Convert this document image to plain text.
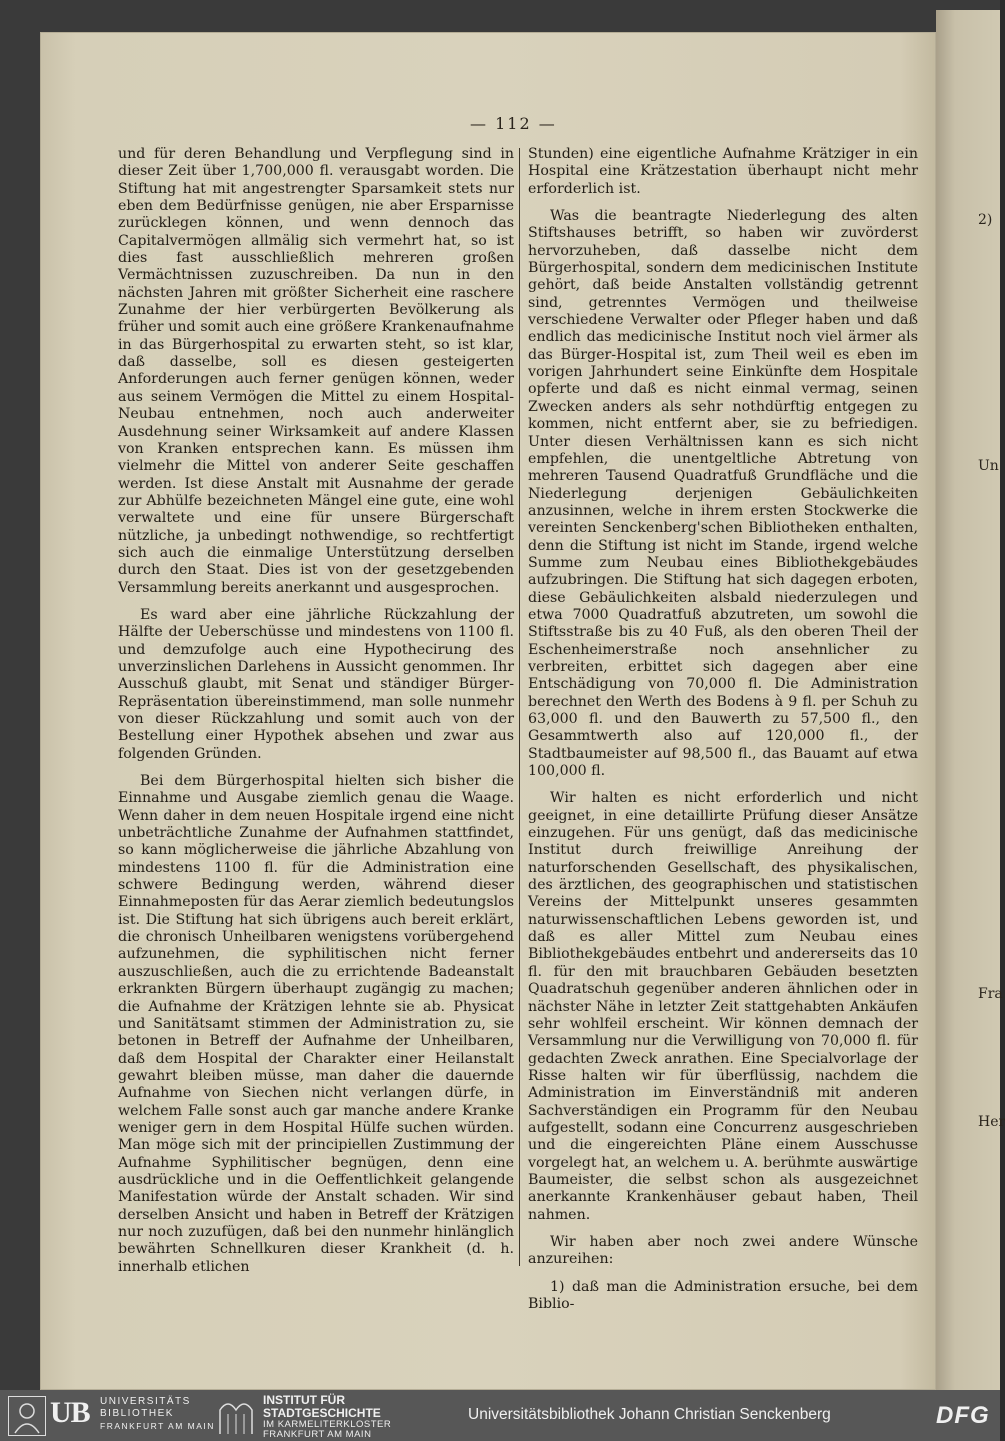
2)
Un
Fra
Her
— 112 —

und für deren Behandlung und Verpflegung sind in dieser Zeit über 1,700,000 fl. verausgabt worden. Die Stiftung hat mit angestrengter Sparsamkeit stets nur eben dem Bedürfnisse genügen, nie aber Ersparnisse zurücklegen können, und wenn dennoch das Capitalvermögen allmälig sich vermehrt hat, so ist dies fast ausschließlich mehreren großen Vermächtnissen zuzuschreiben. Da nun in den nächsten Jahren mit größter Sicherheit eine raschere Zunahme der hier verbürgerten Bevölkerung als früher und somit auch eine größere Krankenaufnahme in das Bürgerhospital zu erwarten steht, so ist klar, daß dasselbe, soll es diesen gesteigerten Anforderungen auch ferner genügen können, weder aus seinem Vermögen die Mittel zu einem Hospital-Neubau entnehmen, noch auch anderweiter Ausdehnung seiner Wirksamkeit auf andere Klassen von Kranken entsprechen kann. Es müssen ihm vielmehr die Mittel von anderer Seite geschaffen werden. Ist diese Anstalt mit Ausnahme der gerade zur Abhülfe bezeichneten Mängel eine gute, eine wohl verwaltete und eine für unsere Bürgerschaft nützliche, ja unbedingt nothwendige, so rechtfertigt sich auch die einmalige Unterstützung derselben durch den Staat. Dies ist von der gesetzgebenden Versammlung bereits anerkannt und ausgesprochen.

Es ward aber eine jährliche Rückzahlung der Hälfte der Ueberschüsse und mindestens von 1100 fl. und demzufolge auch eine Hypothecirung des unverzinslichen Darlehens in Aussicht genommen. Ihr Ausschuß glaubt, mit Senat und ständiger Bürger-Repräsentation übereinstimmend, man solle nunmehr von dieser Rückzahlung und somit auch von der Bestellung einer Hypothek absehen und zwar aus folgenden Gründen.

Bei dem Bürgerhospital hielten sich bisher die Einnahme und Ausgabe ziemlich genau die Waage. Wenn daher in dem neuen Hospitale irgend eine nicht unbeträchtliche Zunahme der Aufnahmen stattfindet, so kann möglicherweise die jährliche Abzahlung von mindestens 1100 fl. für die Administration eine schwere Bedingung werden, während dieser Einnahmeposten für das Aerar ziemlich bedeutungslos ist. Die Stiftung hat sich übrigens auch bereit erklärt, die chronisch Unheilbaren wenigstens vorübergehend aufzunehmen, die syphilitischen nicht ferner auszuschließen, auch die zu errichtende Badeanstalt erkrankten Bürgern überhaupt zugängig zu machen; die Aufnahme der Krätzigen lehnte sie ab. Physicat und Sanitätsamt stimmen der Administration zu, sie betonen in Betreff der Aufnahme der Unheilbaren, daß dem Hospital der Charakter einer Heilanstalt gewahrt bleiben müsse, man daher die dauernde Aufnahme von Siechen nicht verlangen dürfe, in welchem Falle sonst auch gar manche andere Kranke weniger gern in dem Hospital Hülfe suchen würden. Man möge sich mit der principiellen Zustimmung der Aufnahme Syphilitischer begnügen, denn eine ausdrückliche und in die Oeffentlichkeit gelangende Manifestation würde der Anstalt schaden. Wir sind derselben Ansicht und haben in Betreff der Krätzigen nur noch zuzufügen, daß bei den nunmehr hinlänglich bewährten Schnellkuren dieser Krankheit (d. h. innerhalb etlichen

Stunden) eine eigentliche Aufnahme Krätziger in ein Hospital eine Krätzestation überhaupt nicht mehr erforderlich ist.

Was die beantragte Niederlegung des alten Stiftshauses betrifft, so haben wir zuvörderst hervorzuheben, daß dasselbe nicht dem Bürgerhospital, sondern dem medicinischen Institute gehört, daß beide Anstalten vollständig getrennt sind, getrenntes Vermögen und theilweise verschiedene Verwalter oder Pfleger haben und daß endlich das medicinische Institut noch viel ärmer als das Bürger-Hospital ist, zum Theil weil es eben im vorigen Jahrhundert seine Einkünfte dem Hospitale opferte und daß es nicht einmal vermag, seinen Zwecken anders als sehr nothdürftig entgegen zu kommen, nicht entfernt aber, sie zu befriedigen. Unter diesen Verhältnissen kann es sich nicht empfehlen, die unentgeltliche Abtretung von mehreren Tausend Quadratfuß Grundfläche und die Niederlegung derjenigen Gebäulichkeiten anzusinnen, welche in ihrem ersten Stockwerke die vereinten Senckenberg'schen Bibliotheken enthalten, denn die Stiftung ist nicht im Stande, irgend welche Summe zum Neubau eines Bibliothekgebäudes aufzubringen. Die Stiftung hat sich dagegen erboten, diese Gebäulichkeiten alsbald niederzulegen und etwa 7000 Quadratfuß abzutreten, um sowohl die Stiftsstraße bis zu 40 Fuß, als den oberen Theil der Eschenheimerstraße noch ansehnlicher zu verbreiten, erbittet sich dagegen aber eine Entschädigung von 70,000 fl. Die Administration berechnet den Werth des Bodens à 9 fl. per Schuh zu 63,000 fl. und den Bauwerth zu 57,500 fl., den Gesammtwerth also auf 120,000 fl., der Stadtbaumeister auf 98,500 fl., das Bauamt auf etwa 100,000 fl.

Wir halten es nicht erforderlich und nicht geeignet, in eine detaillirte Prüfung dieser Ansätze einzugehen. Für uns genügt, daß das medicinische Institut durch freiwillige Anreihung der naturforschenden Gesellschaft, des physikalischen, des ärztlichen, des geographischen und statistischen Vereins der Mittelpunkt unseres gesammten naturwissenschaftlichen Lebens geworden ist, und daß es aller Mittel zum Neubau eines Bibliothekgebäudes entbehrt und andererseits das 10 fl. für den mit brauchbaren Gebäuden besetzten Quadratschuh gegenüber anderen ähnlichen oder in nächster Nähe in letzter Zeit stattgehabten Ankäufen sehr wohlfeil erscheint. Wir können demnach der Versammlung nur die Verwilligung von 70,000 fl. für gedachten Zweck anrathen. Eine Specialvorlage der Risse halten wir für überflüssig, nachdem die Administration im Einverständniß mit anderen Sachverständigen ein Programm für den Neubau aufgestellt, sodann eine Concurrenz ausgeschrieben und die eingereichten Pläne einem Ausschusse vorgelegt hat, an welchem u. A. berühmte auswärtige Baumeister, die selbst schon als ausgezeichnet anerkannte Krankenhäuser gebaut haben, Theil nahmen.

Wir haben aber noch zwei andere Wünsche anzureihen:

1) daß man die Administration ersuche, bei dem Biblio-

UB UNIVERSITÄTS
BIBLIOTHEK
FRANKFURT AM MAIN
INSTITUT FÜR
STADTGESCHICHTE
IM KARMELITERKLOSTER
FRANKFURT AM MAIN
Universitätsbibliothek Johann Christian Senckenberg	DFG
